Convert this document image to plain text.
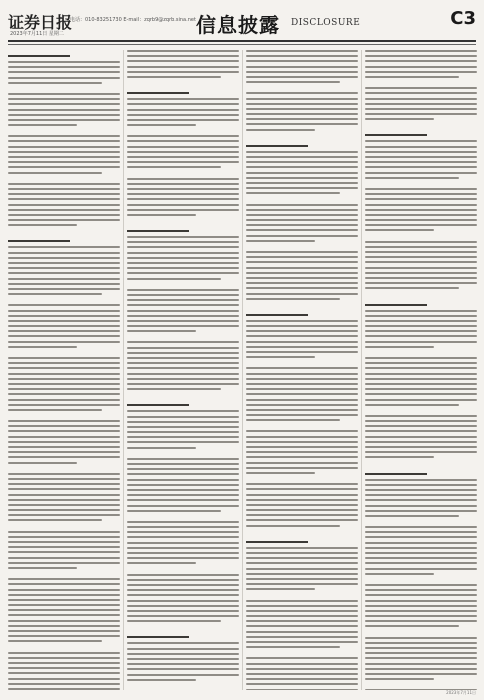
证券日报
2023年7月11日 星期二
电话：010-83251730 E-mail：zqrb9@zqrb.sina.net 信息披露 DISCLOSURE	C3
2023年7月11日
